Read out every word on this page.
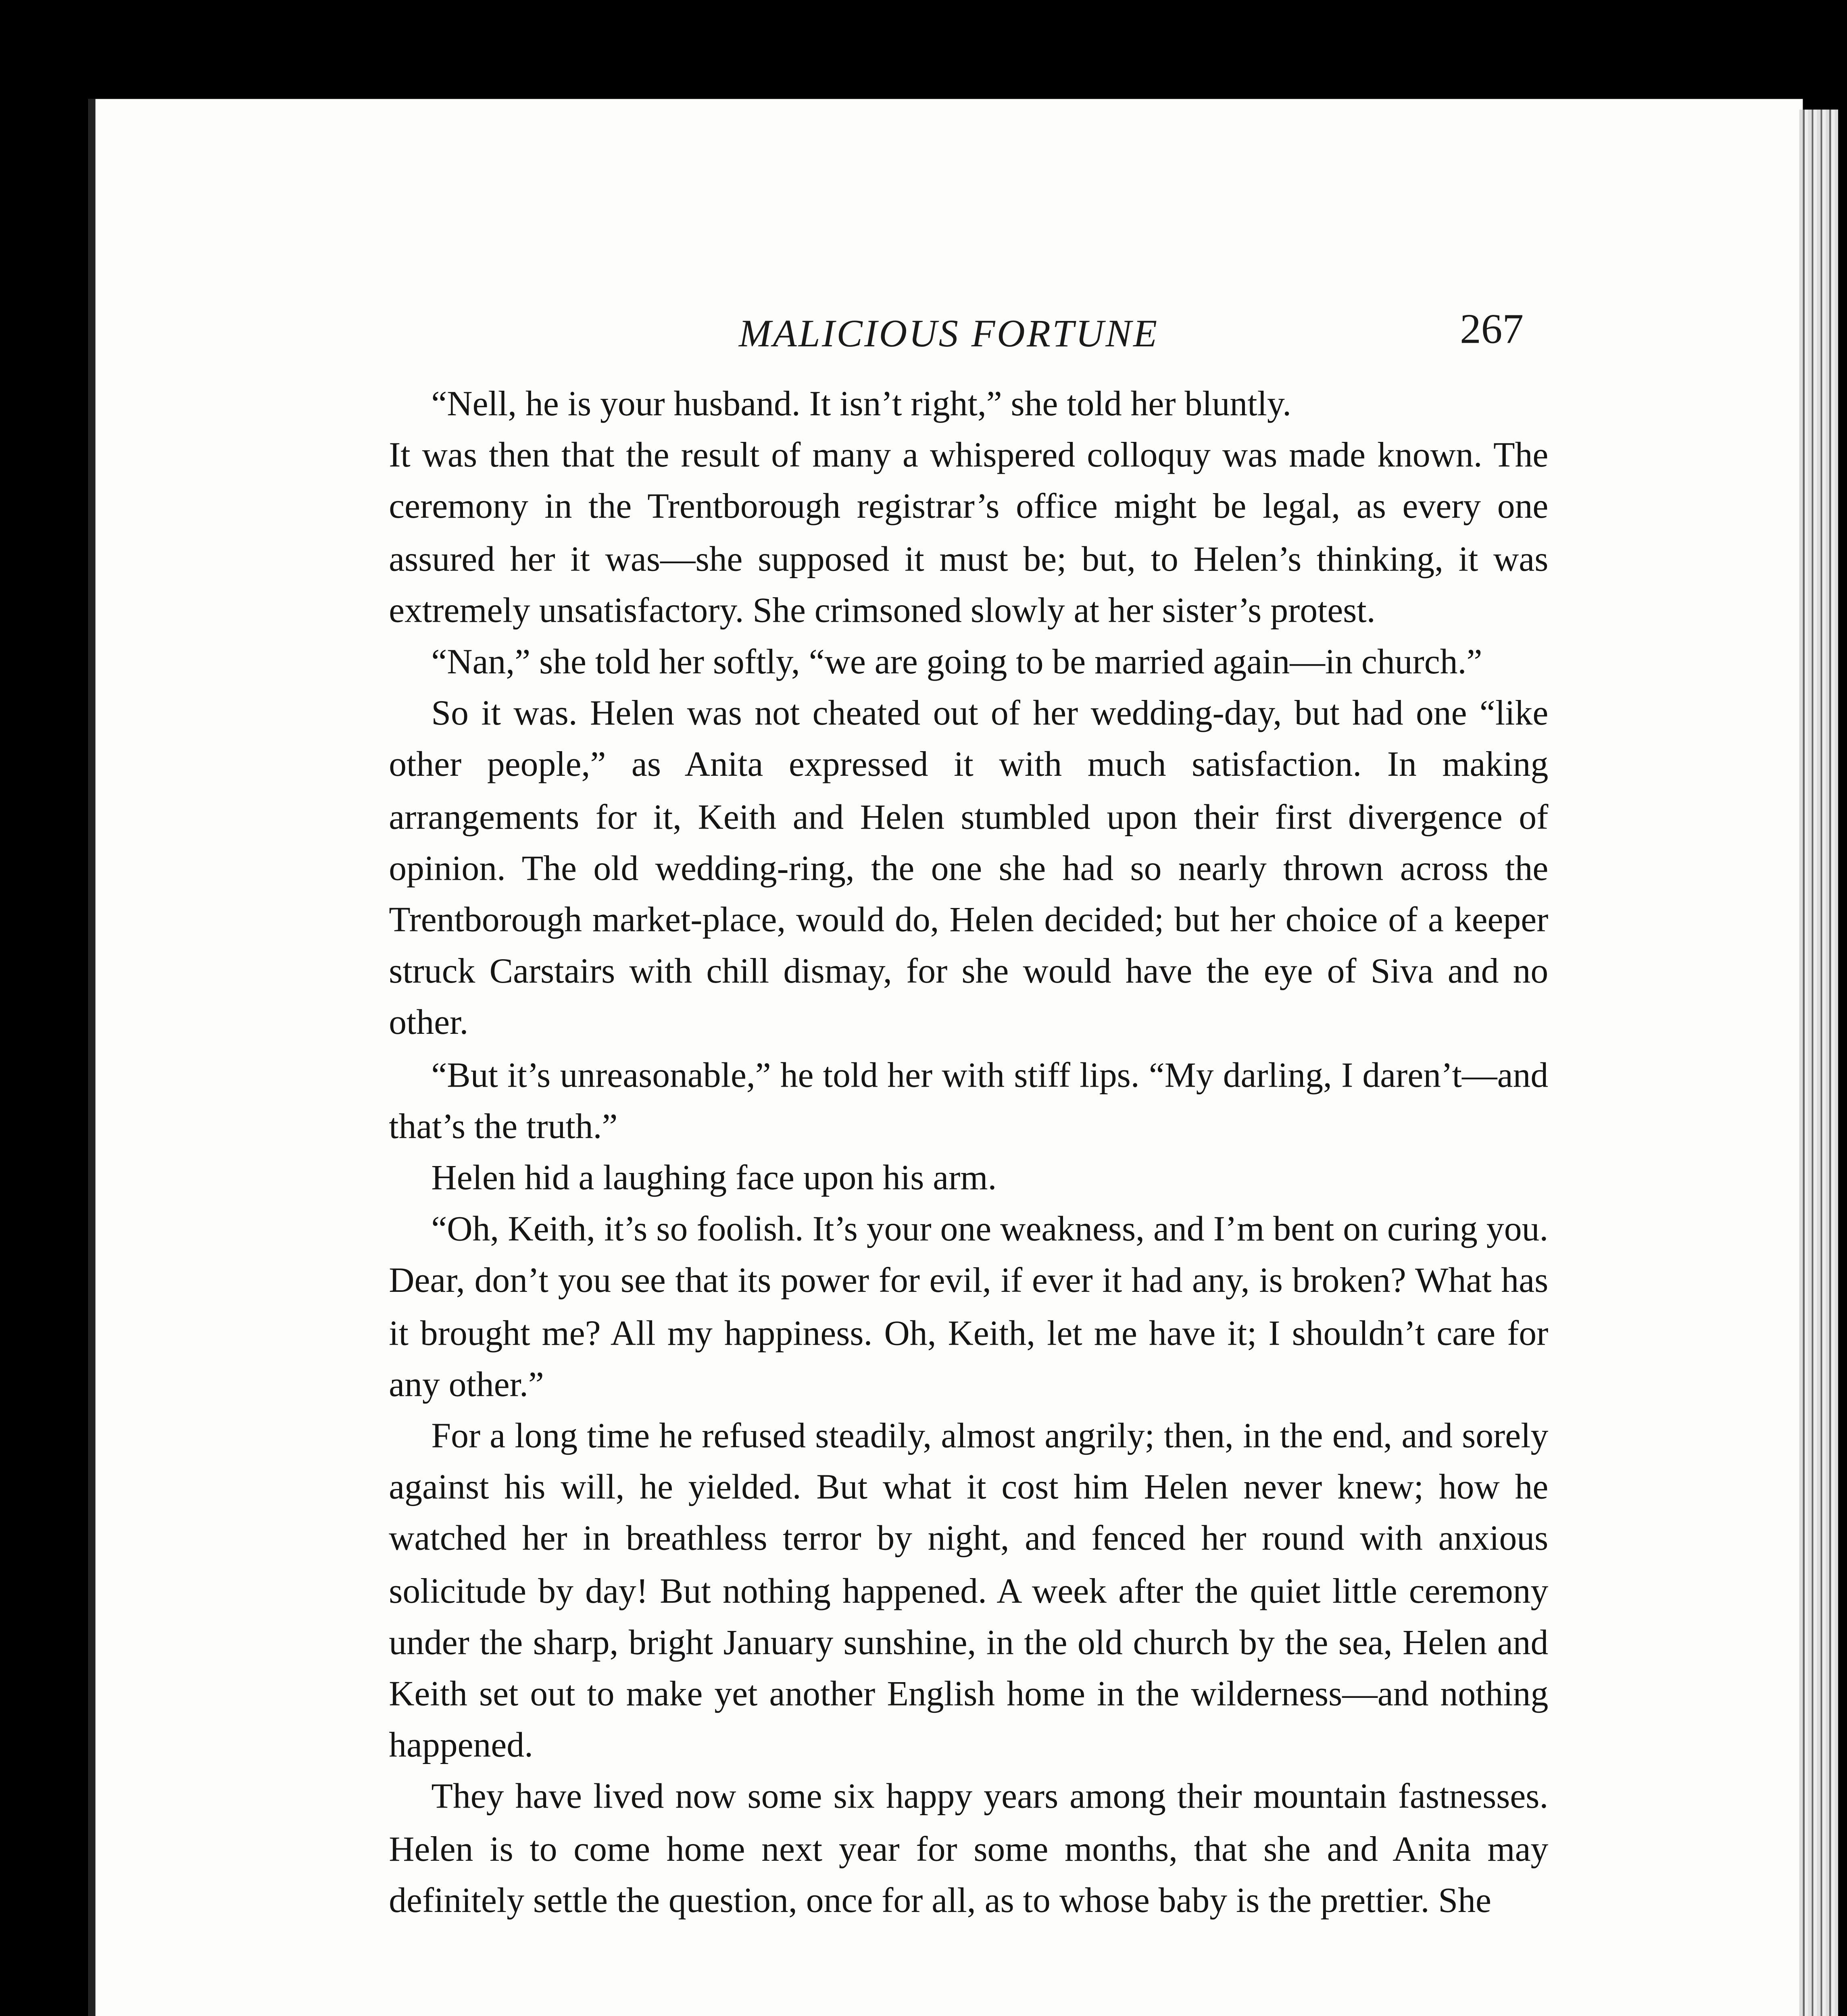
MALICIOUS FORTUNE	267

“Nell, he is your husband. It isn’t right,” she told her bluntly.

It was then that the result of many a whispered colloquy was made known. The ceremony in the Trentborough registrar’s office might be legal, as every one assured her it was—she supposed it must be; but, to Helen’s thinking, it was extremely unsatisfactory. She crimsoned slowly at her sister’s protest.

“Nan,” she told her softly, “we are going to be married again—in church.”

So it was. Helen was not cheated out of her wedding-day, but had one “like other people,” as Anita expressed it with much satisfaction. In making arrangements for it, Keith and Helen stumbled upon their first divergence of opinion. The old wedding-ring, the one she had so nearly thrown across the Trentborough market-place, would do, Helen decided; but her choice of a keeper struck Carstairs with chill dismay, for she would have the eye of Siva and no other.

“But it’s unreasonable,” he told her with stiff lips. “My darling, I daren’t—and that’s the truth.”

Helen hid a laughing face upon his arm.

“Oh, Keith, it’s so foolish. It’s your one weakness, and I’m bent on curing you. Dear, don’t you see that its power for evil, if ever it had any, is broken? What has it brought me? All my happiness. Oh, Keith, let me have it; I shouldn’t care for any other.”

For a long time he refused steadily, almost angrily; then, in the end, and sorely against his will, he yielded. But what it cost him Helen never knew; how he watched her in breathless terror by night, and fenced her round with anxious solicitude by day! But nothing happened. A week after the quiet little ceremony under the sharp, bright January sunshine, in the old church by the sea, Helen and Keith set out to make yet another English home in the wilderness—and nothing happened.

They have lived now some six happy years among their mountain fastnesses. Helen is to come home next year for some months, that she and Anita may definitely settle the question, once for all, as to whose baby is the prettier. She
